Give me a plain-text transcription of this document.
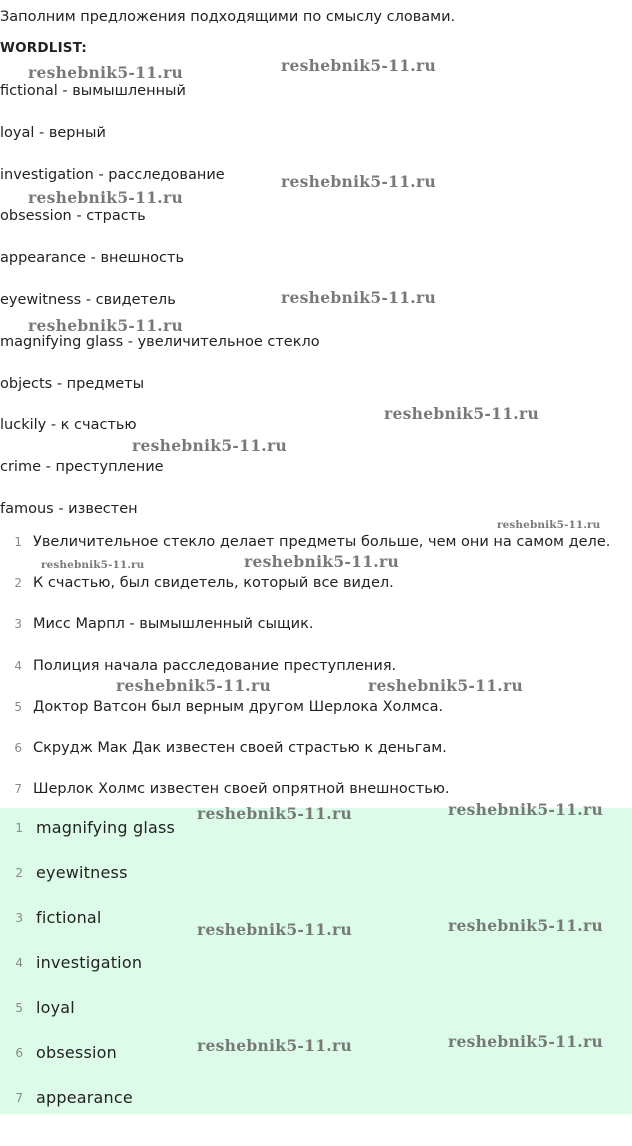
Заполним предложения подходящими по смыслу словами.
WORDLIST:
fictional - вымышленный
loyal - верный
investigation - расследование
obsession - страсть
appearance - внешность
eyewitness - свидетель
magnifying glass - увеличительное стекло
objects - предметы
luckily - к счастью
crime - преступление
famous - известен
1 Увеличительное стекло делает предметы больше, чем они на самом деле.
2 К счастью, был свидетель, который все видел.
3 Мисс Марпл - вымышленный сыщик.
4 Полиция начала расследование преступления.
5 Доктор Ватсон был верным другом Шерлока Холмса.
6 Скрудж Мак Дак известен своей страстью к деньгам.
7 Шерлок Холмс известен своей опрятной внешностью.
1 magnifying glass
2 eyewitness
3 fictional
4 investigation
5 loyal
6 obsession
7 appearance
reshebnik5-11.ru	reshebnik5-11.ru
reshebnik5-11.ru
reshebnik5-11.ru
reshebnik5-11.ru
reshebnik5-11.ru
reshebnik5-11.ru
reshebnik5-11.ru
reshebnik5-11.ru
reshebnik5-11.ru	reshebnik5-11.ru
reshebnik5-11.ru	reshebnik5-11.ru
reshebnik5-11.ru	reshebnik5-11.ru
reshebnik5-11.ru	reshebnik5-11.ru
reshebnik5-11.ru	reshebnik5-11.ru
